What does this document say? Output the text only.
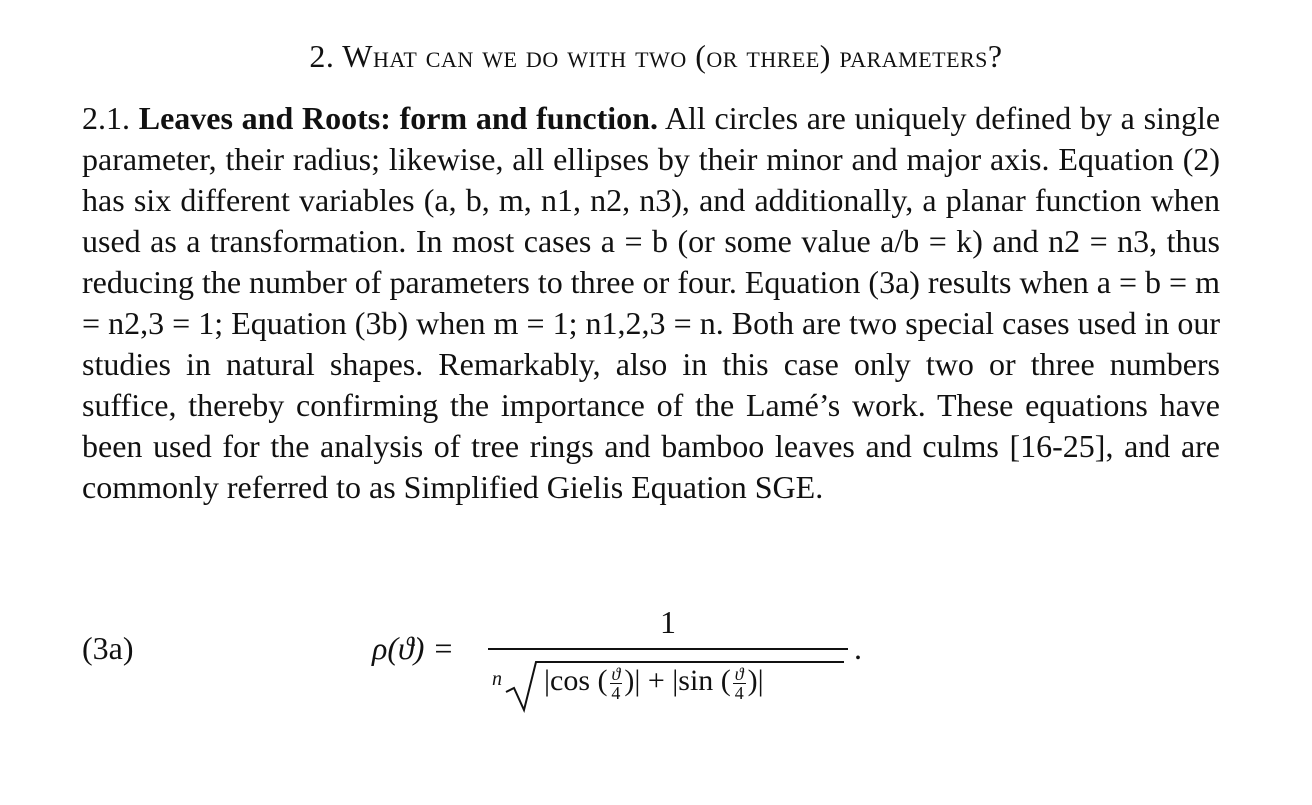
2. What can we do with two (or three) parameters?
2.1. Leaves and Roots: form and function. All circles are uniquely defined by a single parameter, their radius; likewise, all ellipses by their minor and major axis. Equation (2) has six different variables (a, b, m, n1, n2, n3), and additionally, a planar function when used as a transformation. In most cases a = b (or some value a/b = k) and n2 = n3, thus reducing the number of parameters to three or four. Equation (3a) results when a = b = m = n2,3 = 1; Equation (3b) when m = 1; n1,2,3 = n. Both are two special cases used in our studies in natural shapes. Remarkably, also in this case only two or three numbers suffice, thereby confirming the importance of the Lamé’s work. These equations have been used for the analysis of tree rings and bamboo leaves and culms [16-25], and are commonly referred to as Simplified Gielis Equation SGE.
(3a)	ρ(ϑ) =
1
n |cos ( $\frac{ϑ}{4}$ )| + |sin ( $\frac{ϑ}{4}$ )|
.
